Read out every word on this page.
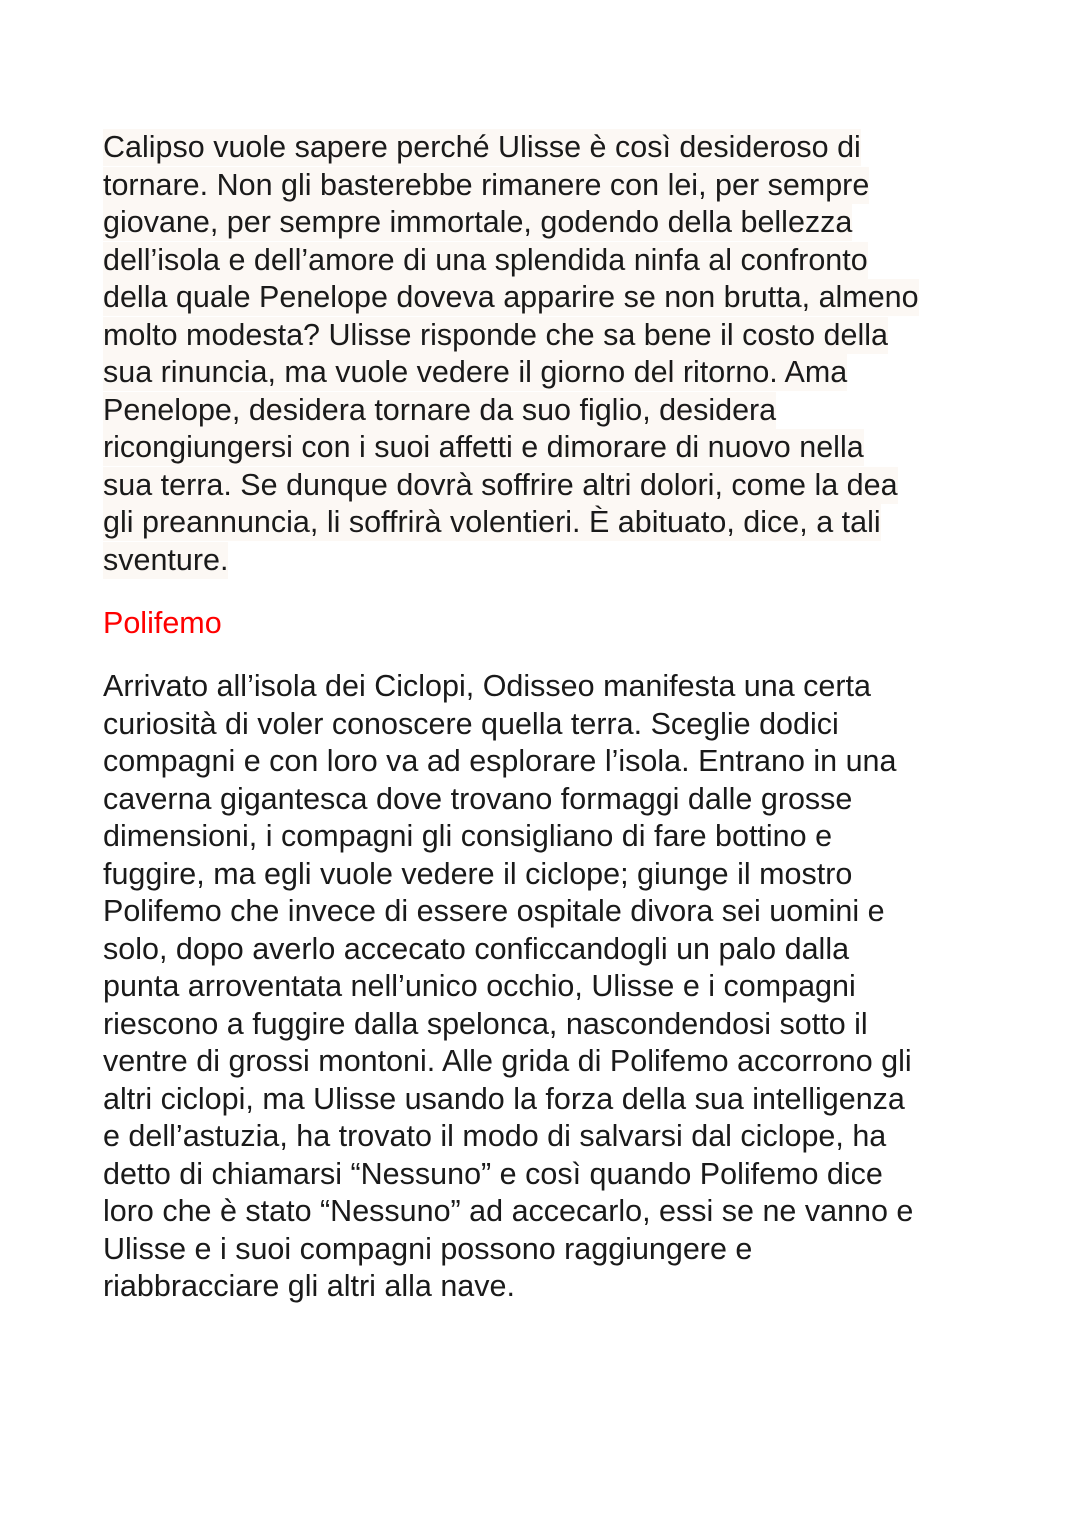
Calipso vuole sapere perché Ulisse è così desideroso di
tornare. Non gli basterebbe rimanere con lei, per sempre
giovane, per sempre immortale, godendo della bellezza
dell’isola e dell’amore di una splendida ninfa al confronto
della quale Penelope doveva apparire se non brutta, almeno
molto modesta? Ulisse risponde che sa bene il costo della
sua rinuncia, ma vuole vedere il giorno del ritorno. Ama
Penelope, desidera tornare da suo figlio, desidera
ricongiungersi con i suoi affetti e dimorare di nuovo nella
sua terra. Se dunque dovrà soffrire altri dolori, come la dea
gli preannuncia, li soffrirà volentieri. È abituato, dice, a tali
sventure.
Polifemo
Arrivato all’isola dei Ciclopi, Odisseo manifesta una certa
curiosità di voler conoscere quella terra. Sceglie dodici
compagni e con loro va ad esplorare l’isola. Entrano in una
caverna gigantesca dove trovano formaggi dalle grosse
dimensioni, i compagni gli consigliano di fare bottino e
fuggire, ma egli vuole vedere il ciclope; giunge il mostro
Polifemo che invece di essere ospitale divora sei uomini e
solo, dopo averlo accecato conficcandogli un palo dalla
punta arroventata nell’unico occhio, Ulisse e i compagni
riescono a fuggire dalla spelonca, nascondendosi sotto il
ventre di grossi montoni. Alle grida di Polifemo accorrono gli
altri ciclopi, ma Ulisse usando la forza della sua intelligenza
e dell’astuzia, ha trovato il modo di salvarsi dal ciclope, ha
detto di chiamarsi “Nessuno” e così quando Polifemo dice
loro che è stato “Nessuno” ad accecarlo, essi se ne vanno e
Ulisse e i suoi compagni possono raggiungere e
riabbracciare gli altri alla nave.
